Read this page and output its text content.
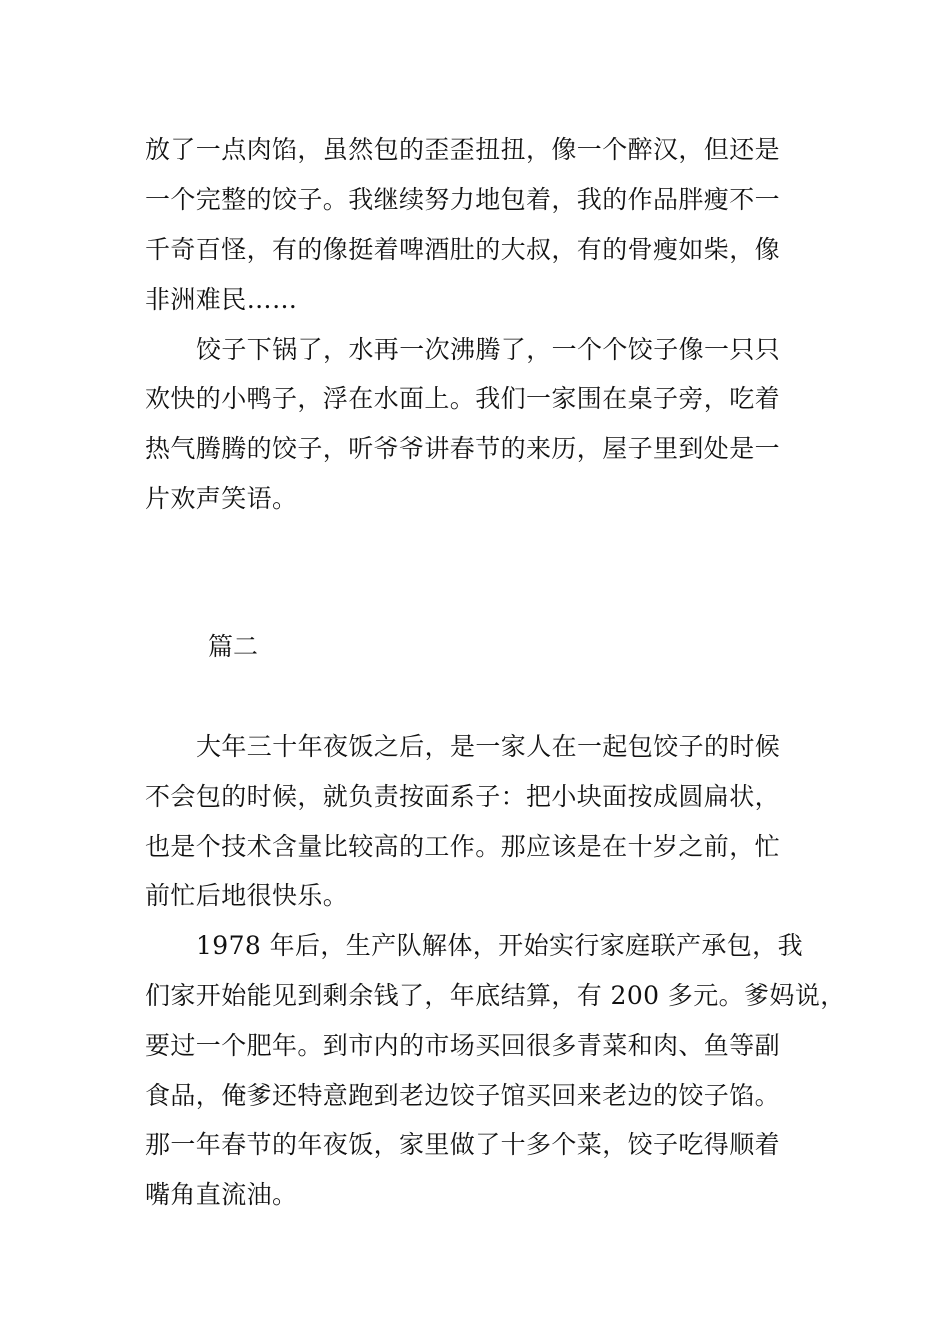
放了一点肉馅，虽然包的歪歪扭扭，像一个醉汉，但还是
一个完整的饺子。我继续努力地包着，我的作品胖瘦不一
千奇百怪，有的像挺着啤酒肚的大叔，有的骨瘦如柴，像
非洲难民……
饺子下锅了，水再一次沸腾了，一个个饺子像一只只
欢快的小鸭子，浮在水面上。我们一家围在桌子旁，吃着
热气腾腾的饺子，听爷爷讲春节的来历，屋子里到处是一
片欢声笑语。
篇二
大年三十年夜饭之后，是一家人在一起包饺子的时候
不会包的时候，就负责按面系子：把小块面按成圆扁状，
也是个技术含量比较高的工作。那应该是在十岁之前，忙
前忙后地很快乐。
1978 年后，生产队解体，开始实行家庭联产承包，我
们家开始能见到剩余钱了，年底结算，有 200 多元。爹妈说，
要过一个肥年。到市内的市场买回很多青菜和肉、鱼等副
食品，俺爹还特意跑到老边饺子馆买回来老边的饺子馅。
那一年春节的年夜饭，家里做了十多个菜，饺子吃得顺着
嘴角直流油。
